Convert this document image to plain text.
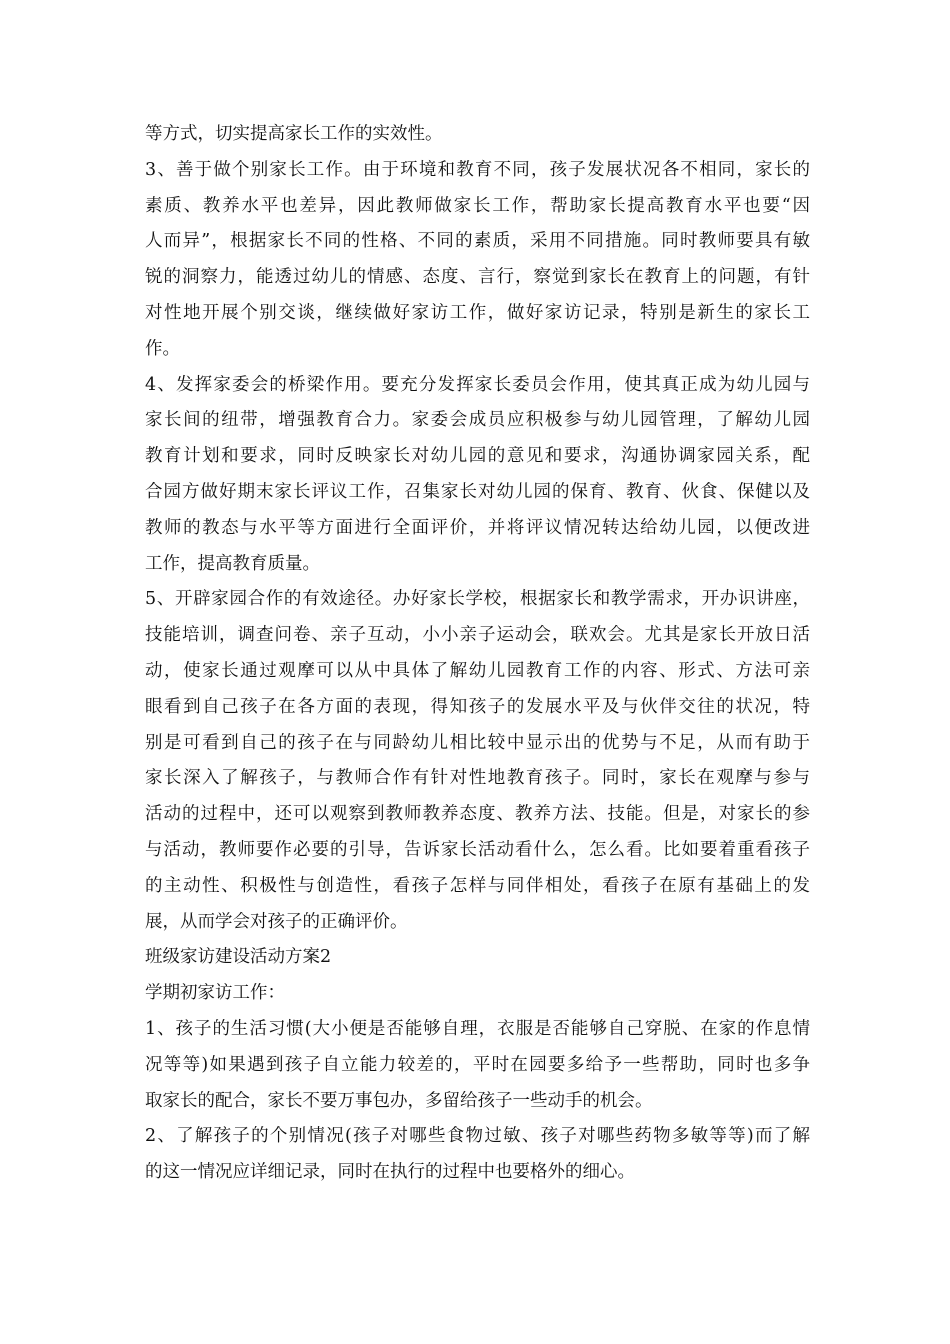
等方式，切实提高家长工作的实效性。
3、善于做个别家长工作。由于环境和教育不同，孩子发展状况各不相同，家长的
素质、教养水平也差异，因此教师做家长工作，帮助家长提高教育水平也要“因
人而异”，根据家长不同的性格、不同的素质，采用不同措施。同时教师要具有敏
锐的洞察力，能透过幼儿的情感、态度、言行，察觉到家长在教育上的问题，有针
对性地开展个别交谈，继续做好家访工作，做好家访记录，特别是新生的家长工
作。
4、发挥家委会的桥梁作用。要充分发挥家长委员会作用，使其真正成为幼儿园与
家长间的纽带，增强教育合力。家委会成员应积极参与幼儿园管理，了解幼儿园
教育计划和要求，同时反映家长对幼儿园的意见和要求，沟通协调家园关系，配
合园方做好期末家长评议工作，召集家长对幼儿园的保育、教育、伙食、保健以及
教师的教态与水平等方面进行全面评价，并将评议情况转达给幼儿园，以便改进
工作，提高教育质量。
5、开辟家园合作的有效途径。办好家长学校，根据家长和教学需求，开办识讲座，
技能培训，调查问卷、亲子互动，小小亲子运动会，联欢会。尤其是家长开放日活
动，使家长通过观摩可以从中具体了解幼儿园教育工作的内容、形式、方法可亲
眼看到自己孩子在各方面的表现，得知孩子的发展水平及与伙伴交往的状况，特
别是可看到自己的孩子在与同龄幼儿相比较中显示出的优势与不足，从而有助于
家长深入了解孩子，与教师合作有针对性地教育孩子。同时，家长在观摩与参与
活动的过程中，还可以观察到教师教养态度、教养方法、技能。但是，对家长的参
与活动，教师要作必要的引导，告诉家长活动看什么，怎么看。比如要着重看孩子
的主动性、积极性与创造性，看孩子怎样与同伴相处，看孩子在原有基础上的发
展，从而学会对孩子的正确评价。
班级家访建设活动方案2
学期初家访工作：
1、孩子的生活习惯(大小便是否能够自理，衣服是否能够自己穿脱、在家的作息情
况等等)如果遇到孩子自立能力较差的，平时在园要多给予一些帮助，同时也多争
取家长的配合，家长不要万事包办，多留给孩子一些动手的机会。
2、了解孩子的个别情况(孩子对哪些食物过敏、孩子对哪些药物多敏等等)而了解
的这一情况应详细记录，同时在执行的过程中也要格外的细心。
